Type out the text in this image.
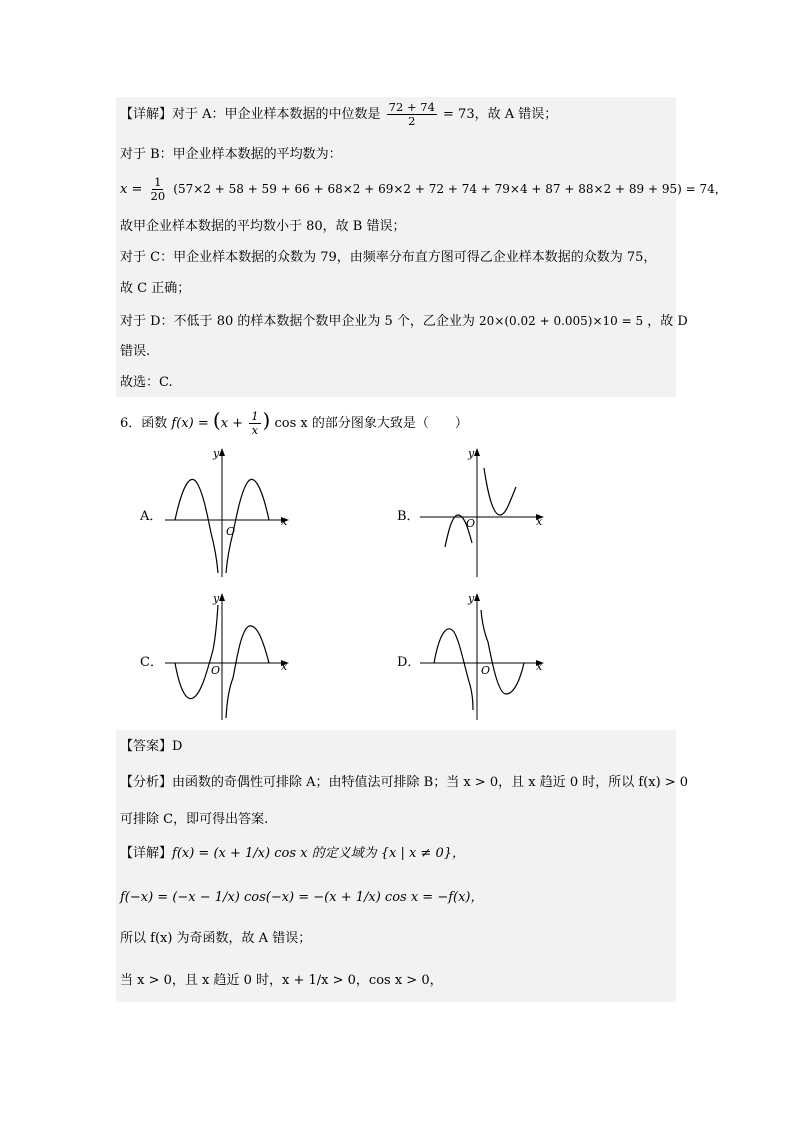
【详解】对于 A：甲企业样本数据的中位数是 $\frac{72 + 74}{2} = 73$，故 A 错误；
对于 B：甲企业样本数据的平均数为：
$x = \frac{1}{20} (57\times 2 + 58 + 59 + 66 + 68\times 2 + 69\times 2 + 72 + 74 + 79\times 4 + 87 + 88\times 2 + 89 + 95) = 74$，
故甲企业样本数据的平均数小于 80，故 B 错误；
对于 C：甲企业样本数据的众数为 79，由频率分布直方图可得乙企业样本数据的众数为 75，
故 C 正确；
对于 D：不低于 80 的样本数据个数甲企业为 5 个，乙企业为 20×(0.02 + 0.005)×10 = 5 ，故 D
错误.
故选：C.
6．函数 $f(x) = (x + \frac{1}{x}$ ) cos x 的部分图象大致是（　　）
A．	B．
C．	D．
x
y
O
x
y
O
x
y
O	x
y
O
【答案】D
【分析】由函数的奇偶性可排除 A；由特值法可排除 B；当 x > 0，且 x 趋近 0 时，所以 f(x) > 0
可排除 C，即可得出答案.
【详解】f(x) = (x + 1/x) cos x 的定义域为 {x | x ≠ 0}，
f(−x) = (−x − 1/x) cos(−x) = −(x + 1/x) cos x = −f(x)，
所以 f(x) 为奇函数，故 A 错误；
当 x > 0，且 x 趋近 0 时，x + 1/x > 0，cos x > 0，
